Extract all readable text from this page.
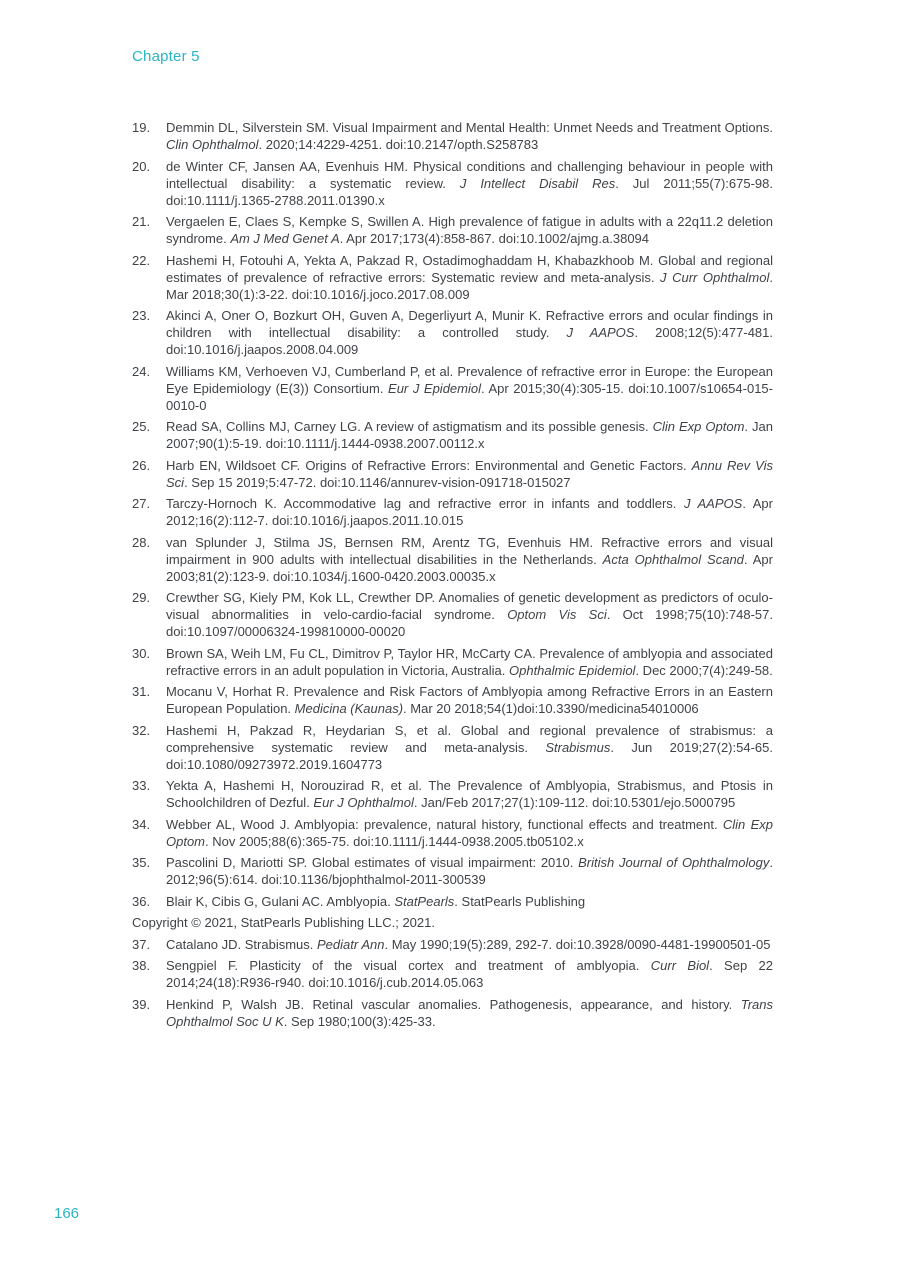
Chapter 5
19.	Demmin DL, Silverstein SM. Visual Impairment and Mental Health: Unmet Needs and Treatment Options. Clin Ophthalmol. 2020;14:4229-4251. doi:10.2147/opth.S258783
20.	de Winter CF, Jansen AA, Evenhuis HM. Physical conditions and challenging behaviour in people with intellectual disability: a systematic review. J Intellect Disabil Res. Jul 2011;55(7):675-98. doi:10.1111/j.1365-2788.2011.01390.x
21.	Vergaelen E, Claes S, Kempke S, Swillen A. High prevalence of fatigue in adults with a 22q11.2 deletion syndrome. Am J Med Genet A. Apr 2017;173(4):858-867. doi:10.1002/ajmg.a.38094
22.	Hashemi H, Fotouhi A, Yekta A, Pakzad R, Ostadimoghaddam H, Khabazkhoob M. Global and regional estimates of prevalence of refractive errors: Systematic review and meta-analysis. J Curr Ophthalmol. Mar 2018;30(1):3-22. doi:10.1016/j.joco.2017.08.009
23.	Akinci A, Oner O, Bozkurt OH, Guven A, Degerliyurt A, Munir K. Refractive errors and ocular findings in children with intellectual disability: a controlled study. J AAPOS. 2008;12(5):477-481. doi:10.1016/j.jaapos.2008.04.009
24.	Williams KM, Verhoeven VJ, Cumberland P, et al. Prevalence of refractive error in Europe: the European Eye Epidemiology (E(3)) Consortium. Eur J Epidemiol. Apr 2015;30(4):305-15. doi:10.1007/s10654-015-0010-0
25.	Read SA, Collins MJ, Carney LG. A review of astigmatism and its possible genesis. Clin Exp Optom. Jan 2007;90(1):5-19. doi:10.1111/j.1444-0938.2007.00112.x
26.	Harb EN, Wildsoet CF. Origins of Refractive Errors: Environmental and Genetic Factors. Annu Rev Vis Sci. Sep 15 2019;5:47-72. doi:10.1146/annurev-vision-091718-015027
27.	Tarczy-Hornoch K. Accommodative lag and refractive error in infants and toddlers. J AAPOS. Apr 2012;16(2):112-7. doi:10.1016/j.jaapos.2011.10.015
28.	van Splunder J, Stilma JS, Bernsen RM, Arentz TG, Evenhuis HM. Refractive errors and visual impairment in 900 adults with intellectual disabilities in the Netherlands. Acta Ophthalmol Scand. Apr 2003;81(2):123-9. doi:10.1034/j.1600-0420.2003.00035.x
29.	Crewther SG, Kiely PM, Kok LL, Crewther DP. Anomalies of genetic development as predictors of oculo-visual abnormalities in velo-cardio-facial syndrome. Optom Vis Sci. Oct 1998;75(10):748-57. doi:10.1097/00006324-199810000-00020
30.	Brown SA, Weih LM, Fu CL, Dimitrov P, Taylor HR, McCarty CA. Prevalence of amblyopia and associated refractive errors in an adult population in Victoria, Australia. Ophthalmic Epidemiol. Dec 2000;7(4):249-58.
31.	Mocanu V, Horhat R. Prevalence and Risk Factors of Amblyopia among Refractive Errors in an Eastern European Population. Medicina (Kaunas). Mar 20 2018;54(1)doi:10.3390/medicina54010006
32.	Hashemi H, Pakzad R, Heydarian S, et al. Global and regional prevalence of strabismus: a comprehensive systematic review and meta-analysis. Strabismus. Jun 2019;27(2):54-65. doi:10.1080/09273972.2019.1604773
33.	Yekta A, Hashemi H, Norouzirad R, et al. The Prevalence of Amblyopia, Strabismus, and Ptosis in Schoolchildren of Dezful. Eur J Ophthalmol. Jan/Feb 2017;27(1):109-112. doi:10.5301/ejo.5000795
34.	Webber AL, Wood J. Amblyopia: prevalence, natural history, functional effects and treatment. Clin Exp Optom. Nov 2005;88(6):365-75. doi:10.1111/j.1444-0938.2005.tb05102.x
35.	Pascolini D, Mariotti SP. Global estimates of visual impairment: 2010. British Journal of Ophthalmology. 2012;96(5):614. doi:10.1136/bjophthalmol-2011-300539
36.	Blair K, Cibis G, Gulani AC. Amblyopia. StatPearls. StatPearls Publishing
Copyright © 2021, StatPearls Publishing LLC.; 2021.
37.	Catalano JD. Strabismus. Pediatr Ann. May 1990;19(5):289, 292-7. doi:10.3928/0090-4481-19900501-05
38.	Sengpiel F. Plasticity of the visual cortex and treatment of amblyopia. Curr Biol. Sep 22 2014;24(18):R936-r940. doi:10.1016/j.cub.2014.05.063
39.	Henkind P, Walsh JB. Retinal vascular anomalies. Pathogenesis, appearance, and history. Trans Ophthalmol Soc U K. Sep 1980;100(3):425-33.
166
